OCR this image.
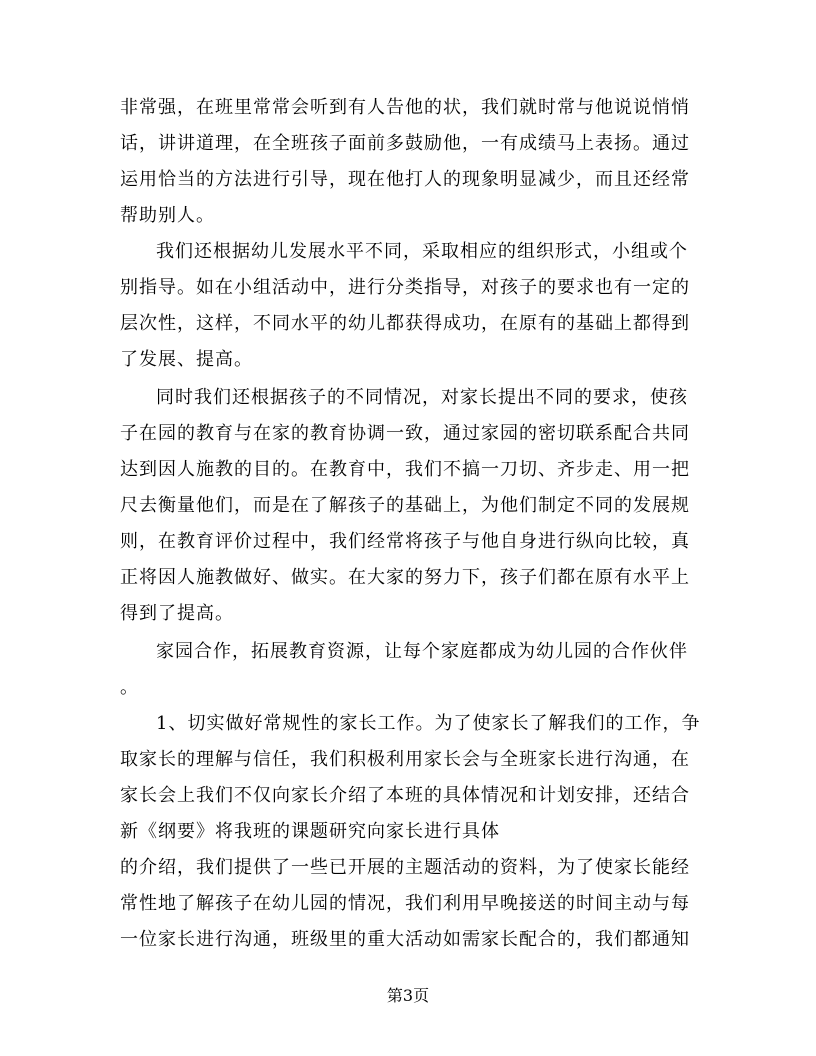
非常强，在班里常常会听到有人告他的状，我们就时常与他说说悄悄
话，讲讲道理，在全班孩子面前多鼓励他，一有成绩马上表扬。通过
运用恰当的方法进行引导，现在他打人的现象明显减少，而且还经常
帮助别人。
我们还根据幼儿发展水平不同，采取相应的组织形式，小组或个
别指导。如在小组活动中，进行分类指导，对孩子的要求也有一定的
层次性，这样，不同水平的幼儿都获得成功，在原有的基础上都得到
了发展、提高。
同时我们还根据孩子的不同情况，对家长提出不同的要求，使孩
子在园的教育与在家的教育协调一致，通过家园的密切联系配合共同
达到因人施教的目的。在教育中，我们不搞一刀切、齐步走、用一把
尺去衡量他们，而是在了解孩子的基础上，为他们制定不同的发展规
则，在教育评价过程中，我们经常将孩子与他自身进行纵向比较，真
正将因人施教做好、做实。在大家的努力下，孩子们都在原有水平上
得到了提高。
家园合作，拓展教育资源，让每个家庭都成为幼儿园的合作伙伴
。
1、切实做好常规性的家长工作。为了使家长了解我们的工作，争
取家长的理解与信任，我们积极利用家长会与全班家长进行沟通，在
家长会上我们不仅向家长介绍了本班的具体情况和计划安排，还结合
新《纲要》将我班的课题研究向家长进行具体
的介绍，我们提供了一些已开展的主题活动的资料，为了使家长能经
常性地了解孩子在幼儿园的情况，我们利用早晚接送的时间主动与每
一位家长进行沟通，班级里的重大活动如需家长配合的，我们都通知
第3页
